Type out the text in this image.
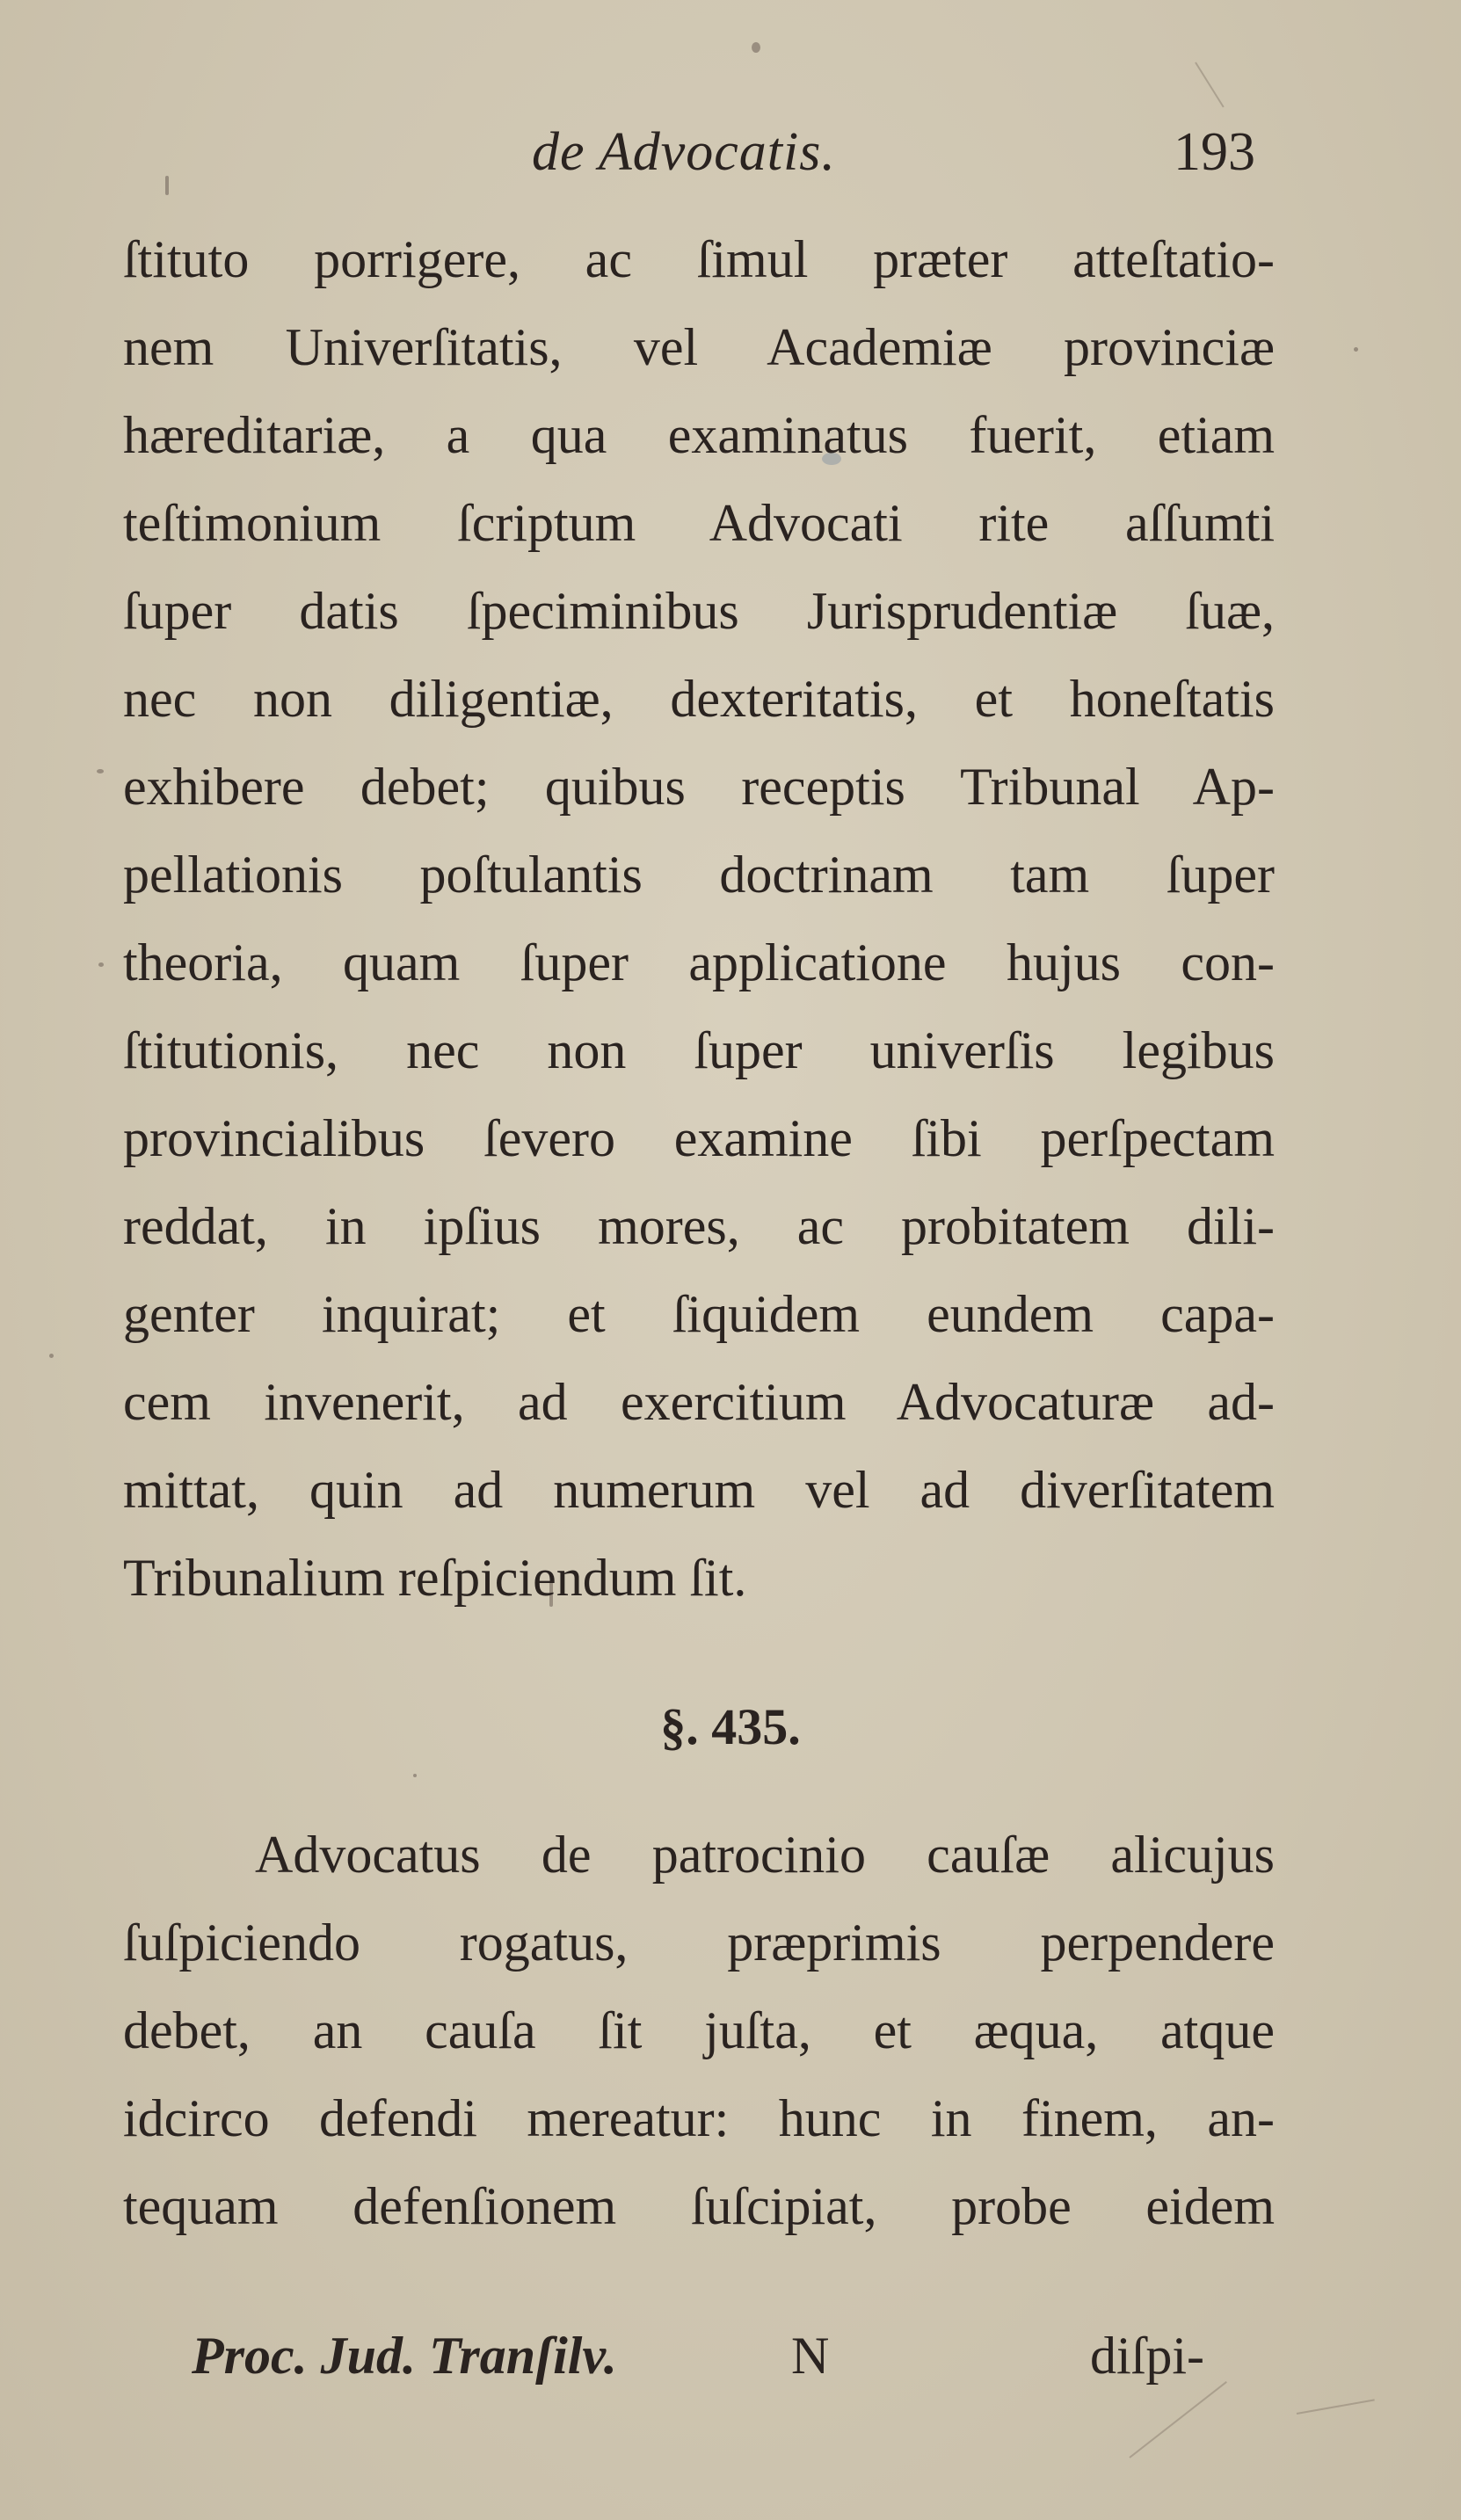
de Advocatis.	193
ſtituto porrigere, ac ſimul præter atteſtatio-
nem Univerſitatis, vel Academiæ provinciæ
hæreditariæ, a qua examinatus fuerit, etiam
teſtimonium ſcriptum Advocati rite aſſumti
ſuper datis ſpeciminibus Jurisprudentiæ ſuæ,
nec non diligentiæ, dexteritatis, et honeſtatis
exhibere debet; quibus receptis Tribunal Ap-
pellationis poſtulantis doctrinam tam ſuper
theoria, quam ſuper applicatione hujus con-
ſtitutionis, nec non ſuper univerſis legibus
provincialibus ſevero examine ſibi perſpectam
reddat, in ipſius mores, ac probitatem dili-
genter inquirat; et ſiquidem eundem capa-
cem invenerit, ad exercitium Advocaturæ ad-
mittat, quin ad numerum vel ad diverſitatem
Tribunalium reſpiciendum ſit.
§. 435.
Advocatus de patrocinio cauſæ alicujus
ſuſpiciendo rogatus, præprimis perpendere
debet, an cauſa ſit juſta, et æqua, atque
idcirco defendi mereatur: hunc in finem, an-
tequam defenſionem ſuſcipiat, probe eidem
Proc. Jud. Tranſilv.	N	diſpi-
